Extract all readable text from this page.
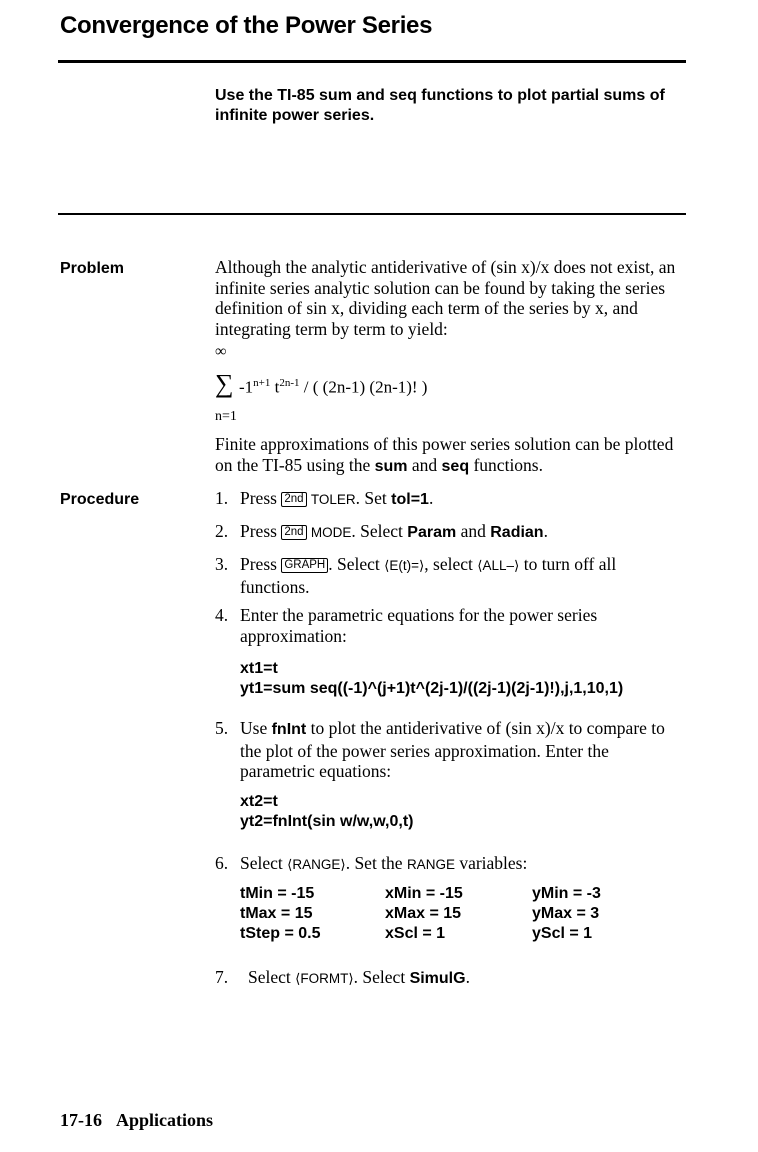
Convergence of the Power Series
Use the TI-85 sum and seq functions to plot partial sums of infinite power series.
Problem	Although the analytic antiderivative of (sin x)/x does not exist, an infinite series analytic solution can be found by taking the series definition of sin x, dividing each term of the series by x, and integrating term by term to yield:
∞
∑ $-1^{n+1}$ $t^{2n-1}$ / ( (2n-1) (2n-1)! )
n=1
Finite approximations of this power series solution can be plotted on the TI-85 using the sum and seq functions.
Procedure	1. Press 2nd TOLER. Set tol=1.
2. Press 2nd MODE. Select Param and Radian.
3. Press GRAPH . Select ⟨E(t)=⟩, select ⟨ALL–⟩ to turn off all functions.
4. Enter the parametric equations for the power series approximation:
xt1=t
yt1=sum seq((-1)^(j+1)t^(2j-1)/((2j-1)(2j-1)!),j,1,10,1)
5. Use fnInt to plot the antiderivative of (sin x)/x to compare to the plot of the power series approximation. Enter the parametric equations:
xt2=t
yt2=fnInt(sin w/w,w,0,t)
6. Select ⟨RANGE⟩. Set the RANGE variables:
tMin = -15
tMax = 15
tStep = 0.5
xMin = -15
xMax = 15
xScl = 1
yMin = -3
yMax = 3
yScl = 1
7. Select ⟨FORMT⟩. Select SimulG.
17-16 Applications
